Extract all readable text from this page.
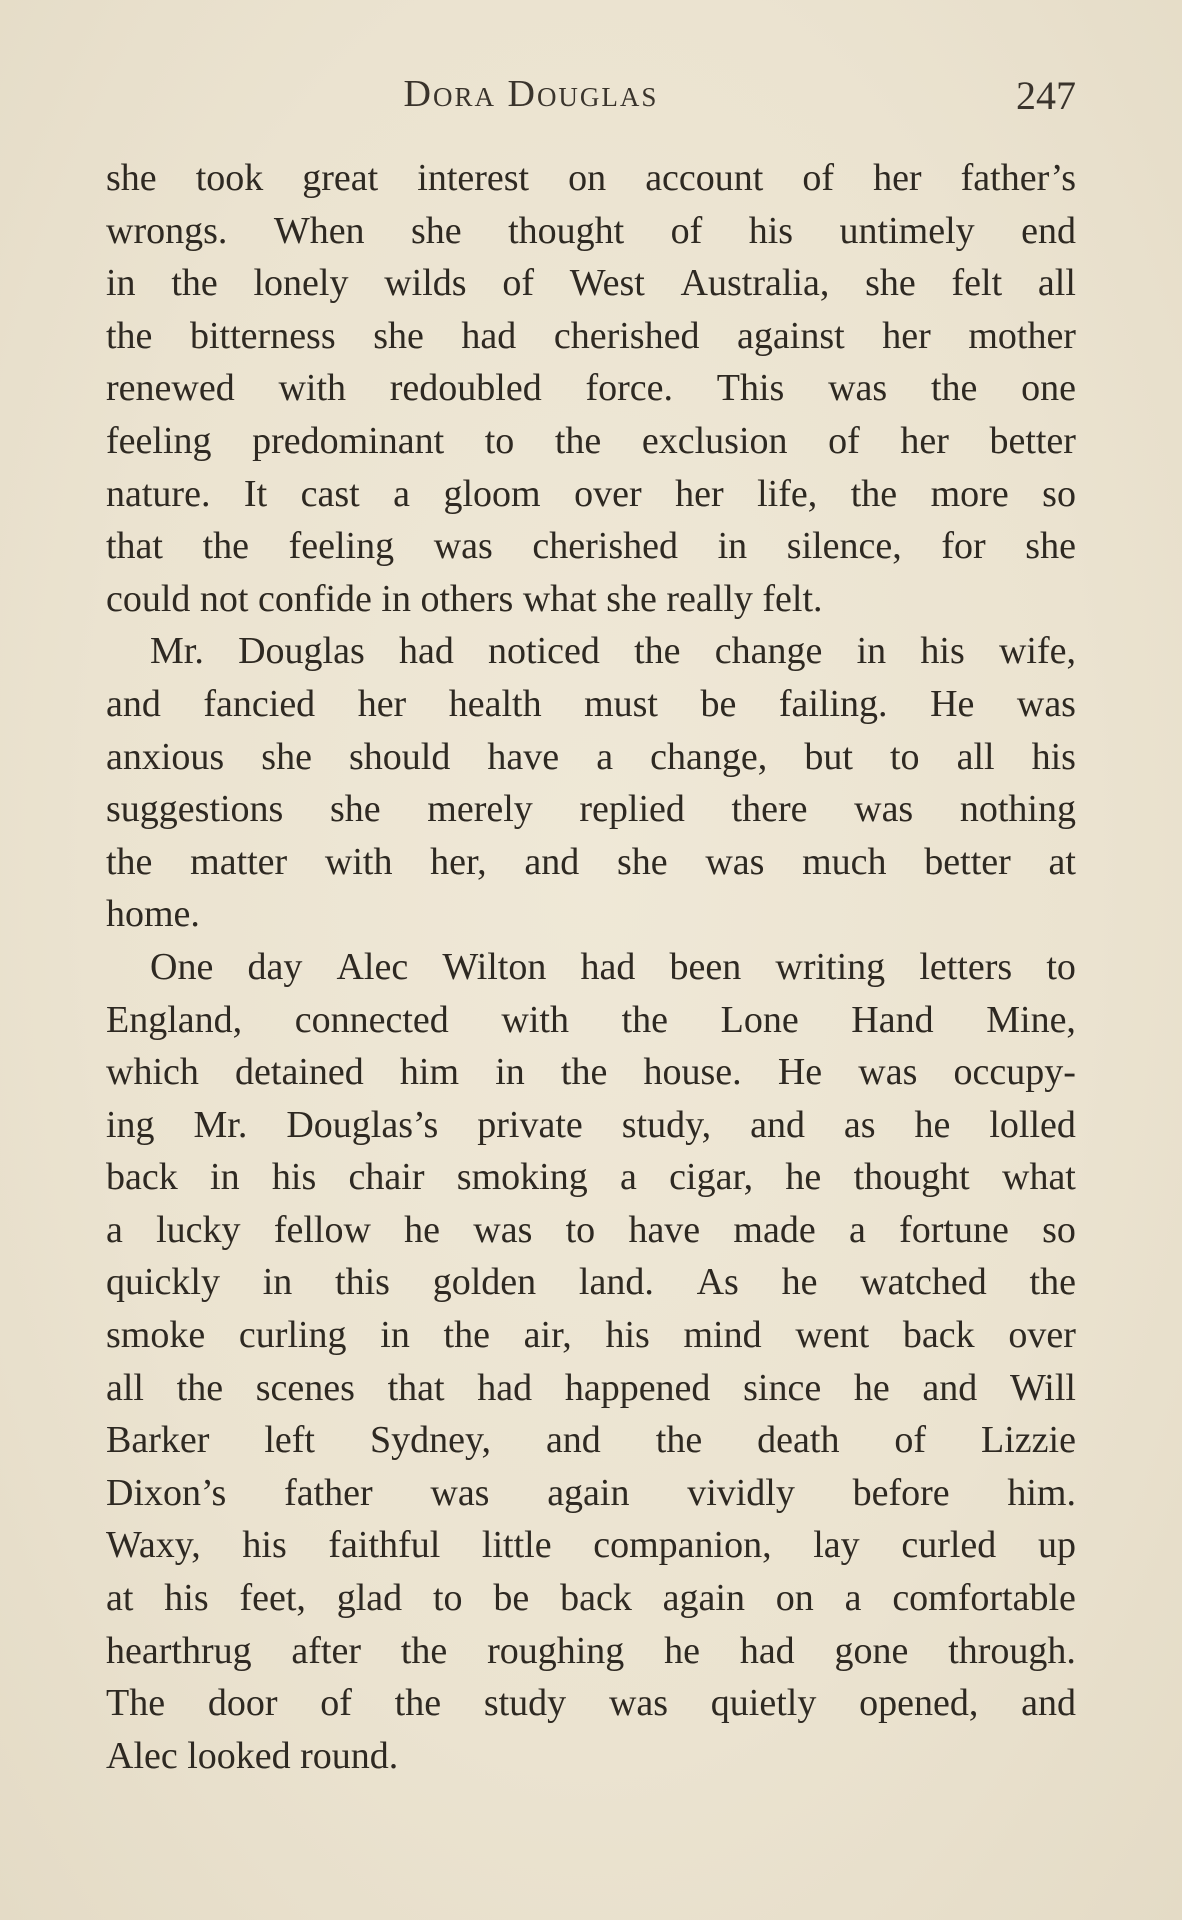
Dora Douglas	247
she took great interest on account of her father’s
wrongs. When she thought of his untimely end
in the lonely wilds of West Australia, she felt all
the bitterness she had cherished against her mother
renewed with redoubled force. This was the one
feeling predominant to the exclusion of her better
nature. It cast a gloom over her life, the more so
that the feeling was cherished in silence, for she
could not confide in others what she really felt.
Mr. Douglas had noticed the change in his wife,
and fancied her health must be failing. He was
anxious she should have a change, but to all his
suggestions she merely replied there was nothing
the matter with her, and she was much better at
home.
One day Alec Wilton had been writing letters to
England, connected with the Lone Hand Mine,
which detained him in the house. He was occupy-
ing Mr. Douglas’s private study, and as he lolled
back in his chair smoking a cigar, he thought what
a lucky fellow he was to have made a fortune so
quickly in this golden land. As he watched the
smoke curling in the air, his mind went back over
all the scenes that had happened since he and Will
Barker left Sydney, and the death of Lizzie
Dixon’s father was again vividly before him.
Waxy, his faithful little companion, lay curled up
at his feet, glad to be back again on a comfortable
hearthrug after the roughing he had gone through.
The door of the study was quietly opened, and
Alec looked round.
